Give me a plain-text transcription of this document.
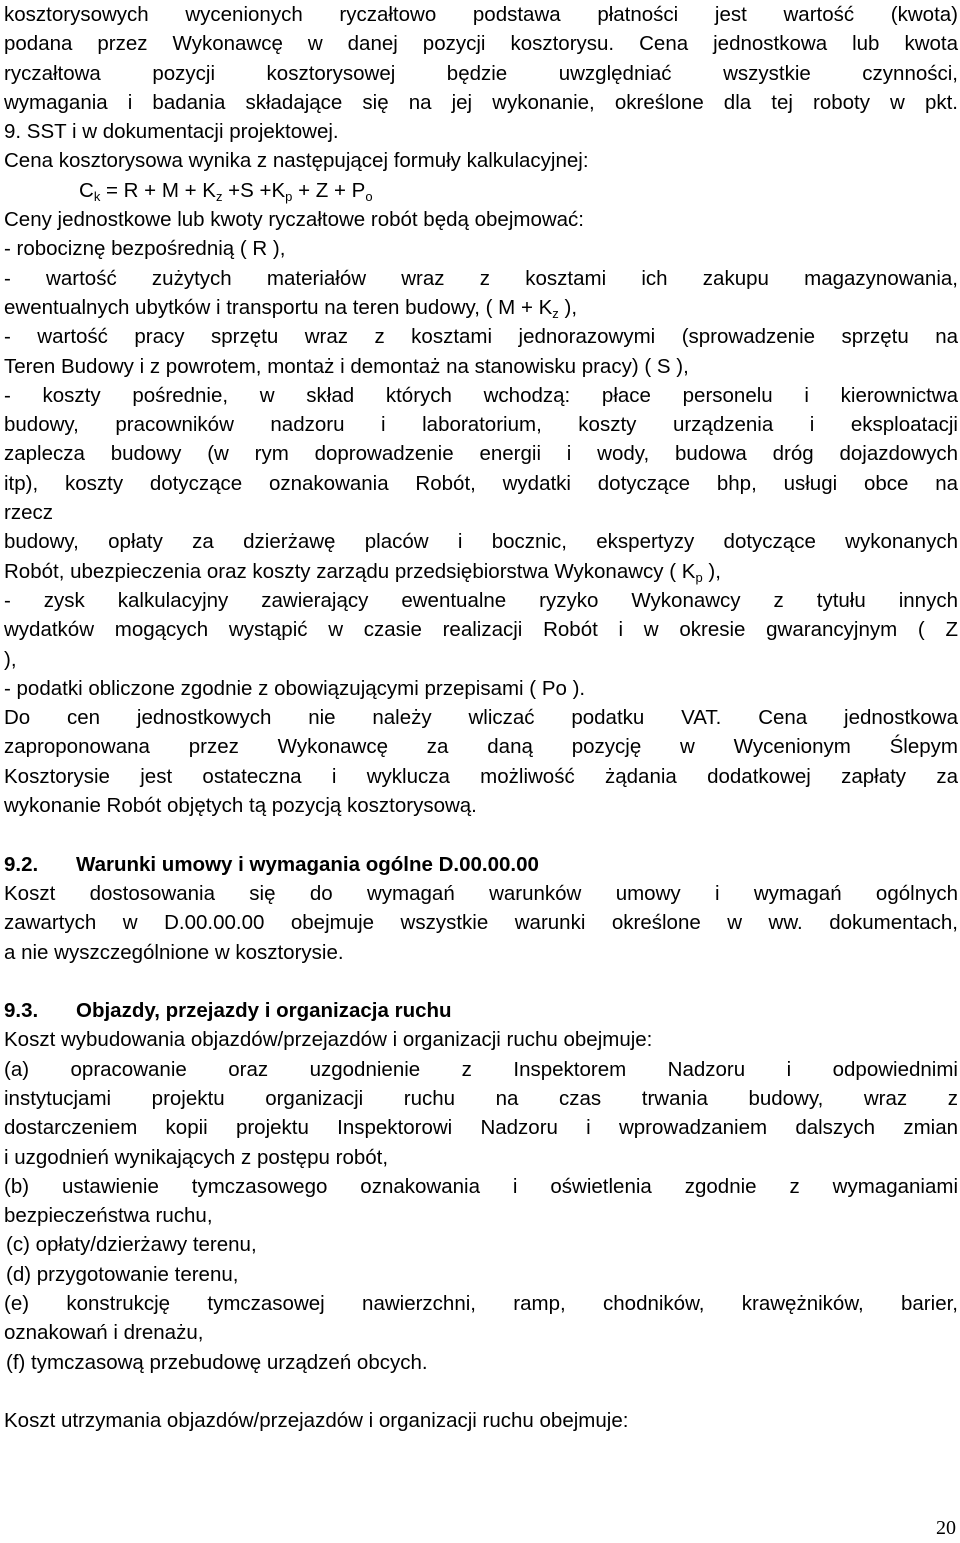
kosztorysowych wycenionych ryczałtowo podstawa płatności jest wartość (kwota)
podana przez Wykonawcę w danej pozycji kosztorysu. Cena jednostkowa lub kwota
ryczałtowa pozycji kosztorysowej będzie uwzględniać wszystkie czynności,
wymagania i badania składające się na jej wykonanie, określone dla tej roboty w pkt.
9. SST i w dokumentacji projektowej.
Cena kosztorysowa wynika z następującej formuły kalkulacyjnej:
Ck = R + M + Kz +S +Kp + Z + Po
Ceny jednostkowe lub kwoty ryczałtowe robót będą obejmować:
- robociznę bezpośrednią ( R ),
- wartość zużytych materiałów wraz z kosztami ich zakupu magazynowania,
ewentualnych ubytków i transportu na teren budowy, ( M + Kz ),
- wartość pracy sprzętu wraz z kosztami jednorazowymi (sprowadzenie sprzętu na
Teren Budowy i z powrotem, montaż i demontaż na stanowisku pracy) ( S ),
- koszty pośrednie, w skład których wchodzą: płace personelu i kierownictwa
budowy, pracowników nadzoru i laboratorium, koszty urządzenia i eksploatacji
zaplecza budowy (w rym doprowadzenie energii i wody, budowa dróg dojazdowych
itp), koszty dotyczące oznakowania Robót, wydatki dotyczące bhp, usługi obce na
rzecz
budowy, opłaty za dzierżawę placów i bocznic, ekspertyzy dotyczące wykonanych
Robót, ubezpieczenia oraz koszty zarządu przedsiębiorstwa Wykonawcy ( Kp ),
- zysk kalkulacyjny zawierający ewentualne ryzyko Wykonawcy z tytułu innych
wydatków mogących wystąpić w czasie realizacji Robót i w okresie gwarancyjnym ( Z
),
- podatki obliczone zgodnie z obowiązującymi przepisami ( Po ).
Do cen jednostkowych nie należy wliczać podatku VAT. Cena jednostkowa
zaproponowana przez Wykonawcę za daną pozycję w Wycenionym Ślepym
Kosztorysie jest ostateczna i wyklucza możliwość żądania dodatkowej zapłaty za
wykonanie Robót objętych tą pozycją kosztorysową.
9.2. Warunki umowy i wymagania ogólne D.00.00.00
Koszt dostosowania się do wymagań warunków umowy i wymagań ogólnych
zawartych w D.00.00.00 obejmuje wszystkie warunki określone w ww. dokumentach,
a nie wyszczególnione w kosztorysie.
9.3. Objazdy, przejazdy i organizacja ruchu
Koszt wybudowania objazdów/przejazdów i organizacji ruchu obejmuje:
(a) opracowanie oraz uzgodnienie z Inspektorem Nadzoru i odpowiednimi
instytucjami projektu organizacji ruchu na czas trwania budowy, wraz z
dostarczeniem kopii projektu Inspektorowi Nadzoru i wprowadzaniem dalszych zmian
i uzgodnień wynikających z postępu robót,
(b) ustawienie tymczasowego oznakowania i oświetlenia zgodnie z wymaganiami
bezpieczeństwa ruchu,
(c) opłaty/dzierżawy terenu,
(d) przygotowanie terenu,
(e) konstrukcję tymczasowej nawierzchni, ramp, chodników, krawężników, barier,
oznakowań i drenażu,
(f) tymczasową przebudowę urządzeń obcych.
Koszt utrzymania objazdów/przejazdów i organizacji ruchu obejmuje:
20
